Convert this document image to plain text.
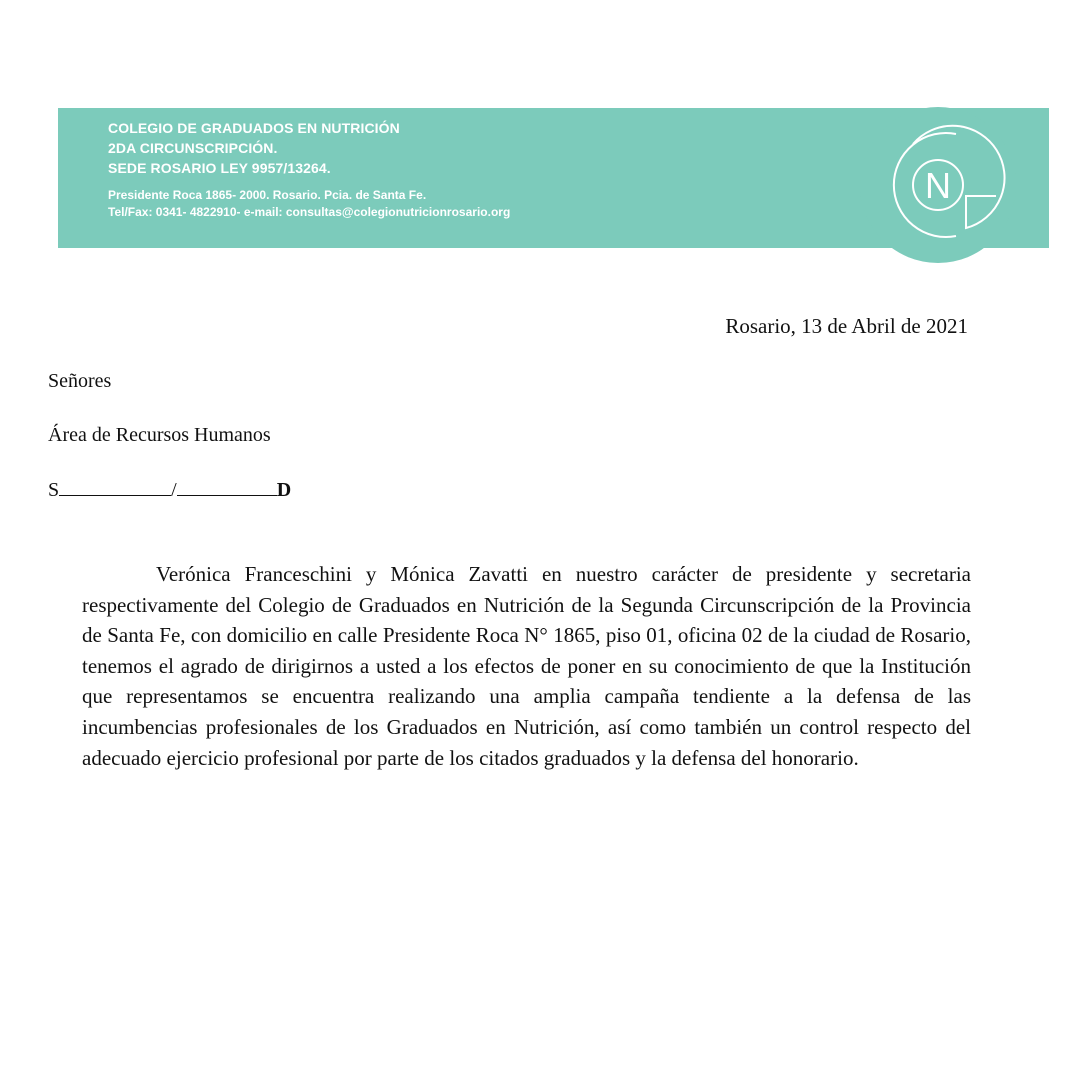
COLEGIO DE GRADUADOS EN NUTRICIÓN
2DA CIRCUNSCRIPCIÓN.
SEDE ROSARIO LEY 9957/13264.
Presidente Roca 1865- 2000. Rosario. Pcia. de Santa Fe.
Tel/Fax: 0341- 4822910- e-mail: consultas@colegionutricionrosario.org
N
Rosario, 13 de Abril de 2021
Señores
Área de Recursos Humanos
S	/	D

Verónica Franceschini y Mónica Zavatti en nuestro carácter de presidente y secretaria respectivamente del Colegio de Graduados en Nutrición de la Segunda Circunscripción de la Provincia de Santa Fe, con domicilio en calle Presidente Roca N° 1865, piso 01, oficina 02 de la ciudad de Rosario, tenemos el agrado de dirigirnos a usted a los efectos de poner en su conocimiento de que la Institución que representamos se encuentra realizando una amplia campaña tendiente a la defensa de las incumbencias profesionales de los Graduados en Nutrición, así como también un control respecto del adecuado ejercicio profesional por parte de los citados graduados y la defensa del honorario.
